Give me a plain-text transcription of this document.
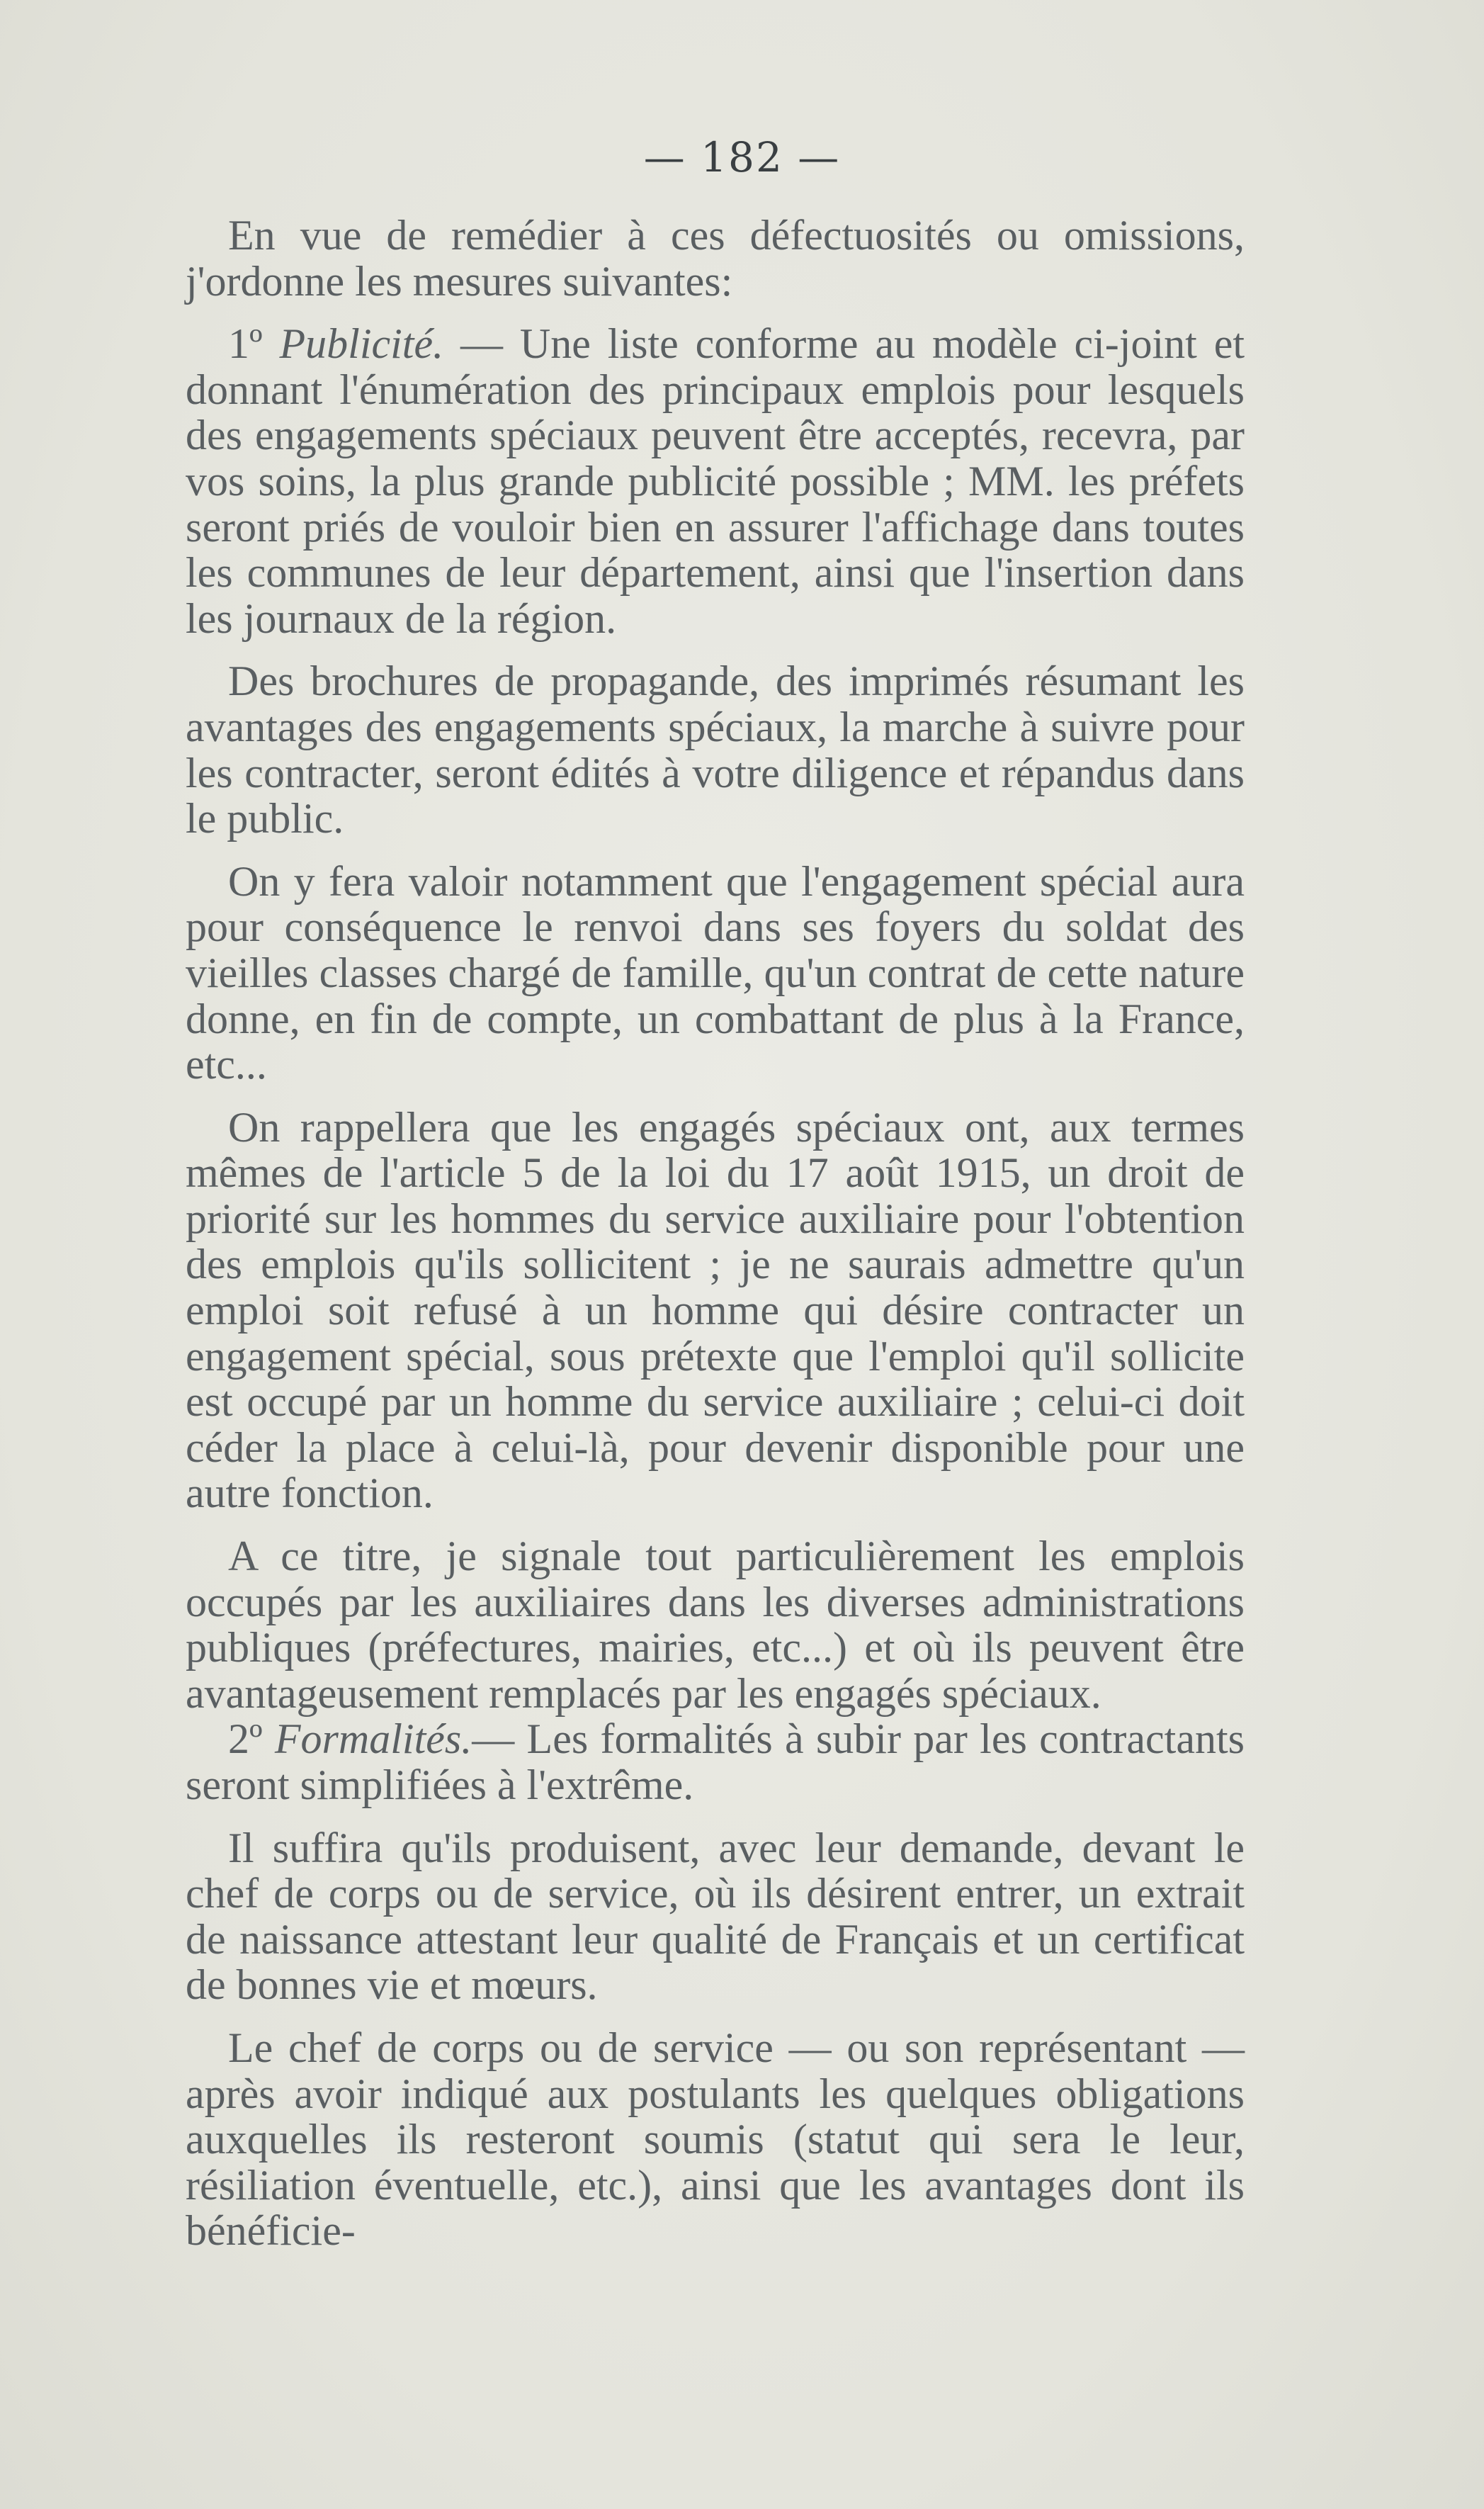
— 182 —

En vue de remédier à ces défectuosités ou omissions, j'ordonne les mesures suivantes:

1º Publicité. — Une liste conforme au modèle ci-joint et donnant l'énumération des principaux emplois pour lesquels des engagements spéciaux peuvent être acceptés, recevra, par vos soins, la plus grande publicité possible ; MM. les préfets seront priés de vouloir bien en assurer l'affichage dans toutes les communes de leur département, ainsi que l'insertion dans les journaux de la région.

Des brochures de propagande, des imprimés résumant les avantages des engagements spéciaux, la marche à suivre pour les contracter, seront édités à votre diligence et répandus dans le public.

On y fera valoir notamment que l'engagement spécial aura pour conséquence le renvoi dans ses foyers du soldat des vieilles classes chargé de famille, qu'un contrat de cette nature donne, en fin de compte, un combattant de plus à la France, etc...

On rappellera que les engagés spéciaux ont, aux termes mêmes de l'article 5 de la loi du 17 août 1915, un droit de priorité sur les hommes du service auxiliaire pour l'obtention des emplois qu'ils sollicitent ; je ne saurais admettre qu'un emploi soit refusé à un homme qui désire contracter un engagement spécial, sous prétexte que l'emploi qu'il sollicite est occupé par un homme du service auxiliaire ; celui-ci doit céder la place à celui-là, pour devenir disponible pour une autre fonction.

A ce titre, je signale tout particulièrement les emplois occupés par les auxiliaires dans les diverses administrations publiques (préfectures, mairies, etc...) et où ils peuvent être avantageusement remplacés par les engagés spéciaux.

2º Formalités.— Les formalités à subir par les contractants seront simplifiées à l'extrême.

Il suffira qu'ils produisent, avec leur demande, devant le chef de corps ou de service, où ils désirent entrer, un extrait de naissance attestant leur qualité de Français et un certificat de bonnes vie et mœurs.

Le chef de corps ou de service — ou son représentant — après avoir indiqué aux postulants les quelques obligations auxquelles ils resteront soumis (statut qui sera le leur, résiliation éventuelle, etc.), ainsi que les avantages dont ils bénéficie-
